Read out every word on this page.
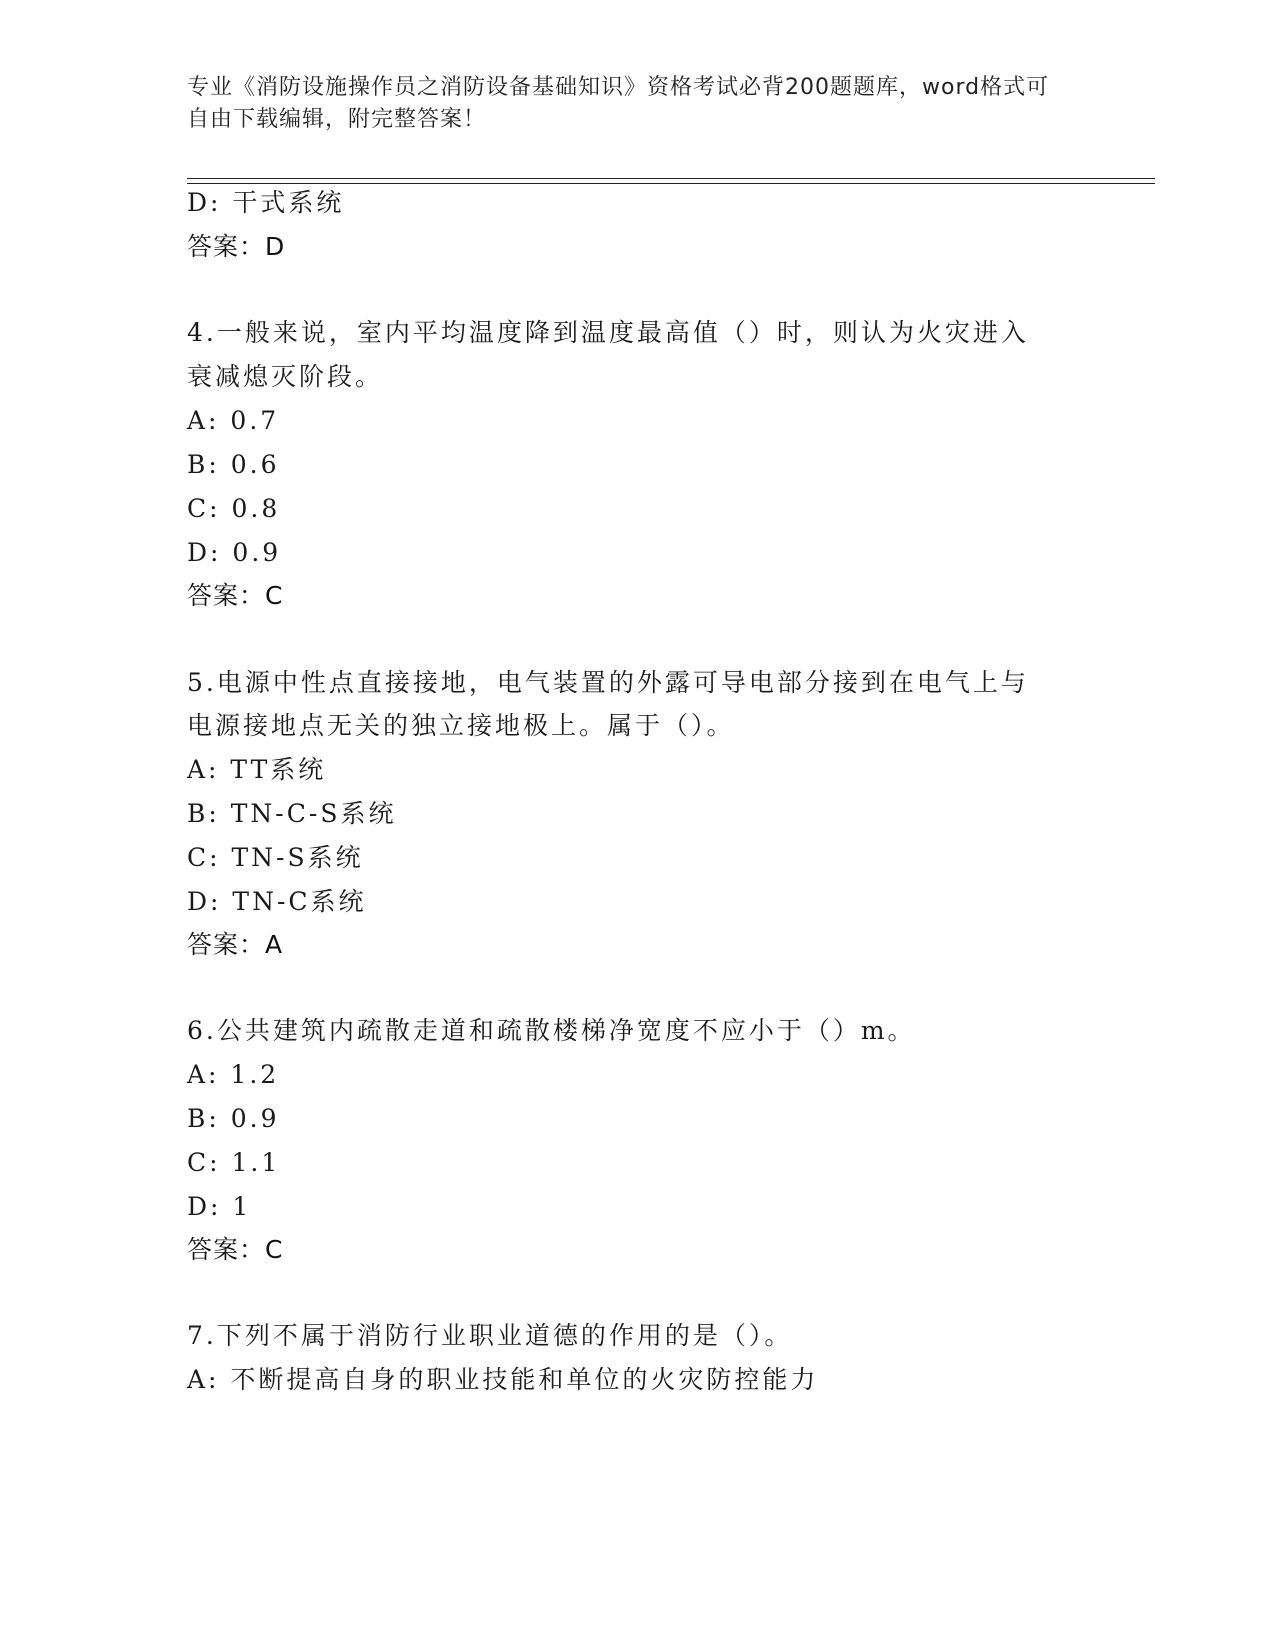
专业《消防设施操作员之消防设备基础知识》资格考试必背200题题库，word格式可自由下载编辑，附完整答案！
D: 干式系统
答案：D
4.一般来说，室内平均温度降到温度最高值（）时，则认为火灾进入
衰减熄灭阶段。
A: 0.7
B: 0.6
C: 0.8
D: 0.9
答案：C
5.电源中性点直接接地，电气装置的外露可导电部分接到在电气上与
电源接地点无关的独立接地极上。属于（）。
A: TT系统
B: TN-C-S系统
C: TN-S系统
D: TN-C系统
答案：A
6.公共建筑内疏散走道和疏散楼梯净宽度不应小于（）m。
A: 1.2
B: 0.9
C: 1.1
D: 1
答案：C
7.下列不属于消防行业职业道德的作用的是（）。
A: 不断提高自身的职业技能和单位的火灾防控能力
